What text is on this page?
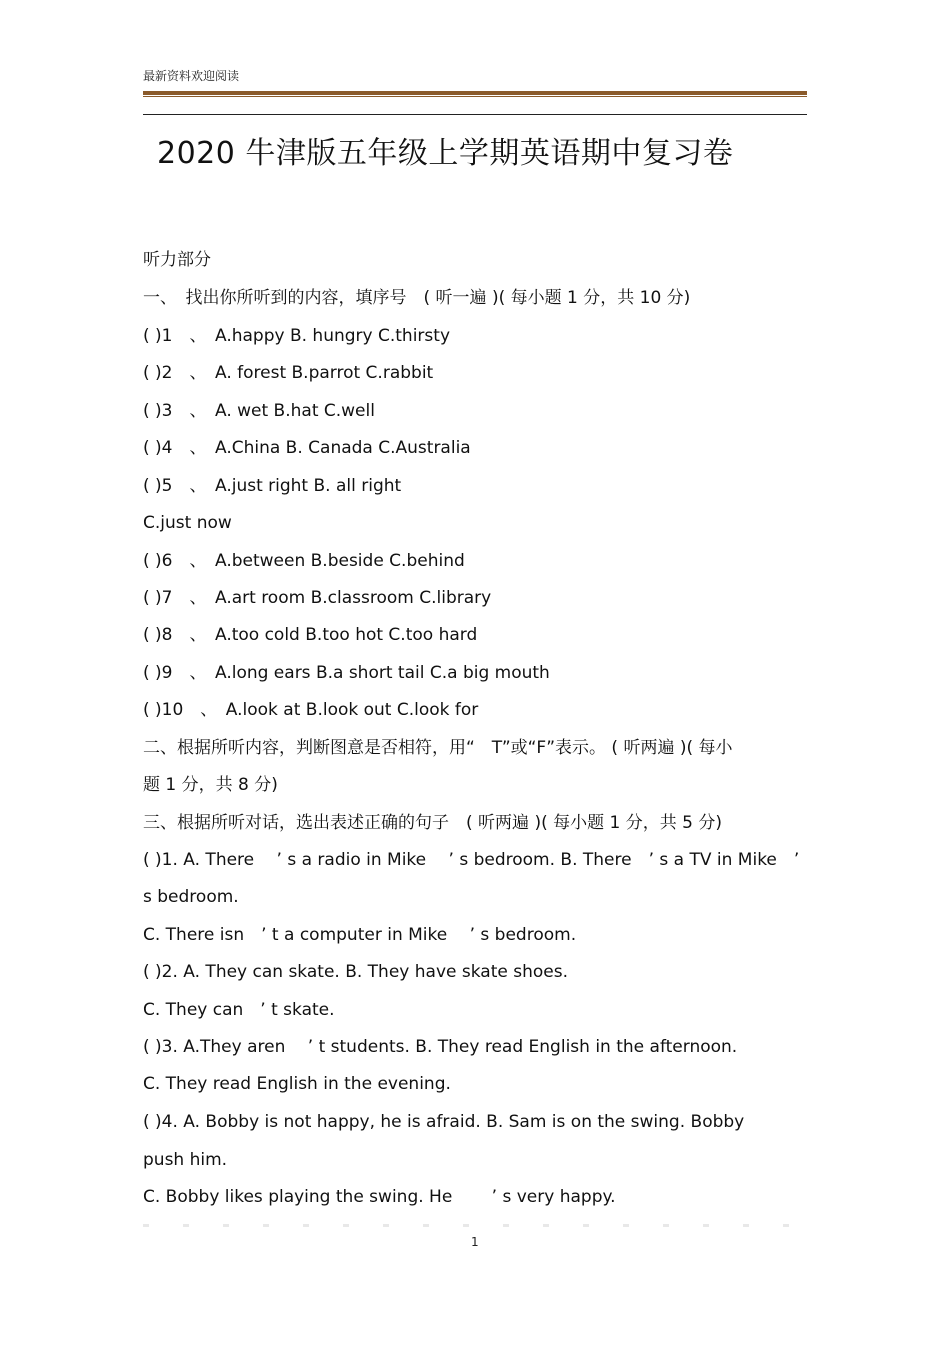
最新资料欢迎阅读
2020 牛津版五年级上学期英语期中复习卷
听力部分
一、　找出你所听到的内容，填序号　( 听一遍 )( 每小题 1 分，共 10 分)
( )1　、　A.happy B. hungry C.thirsty
( )2　、　A. forest B.parrot C.rabbit
( )3　、　A. wet B.hat C.well
( )4　、　A.China B. Canada C.Australia
( )5　、　A.just right B. all right
C.just now
( )6　、　A.between B.beside C.behind
( )7　、　A.art room B.classroom C.library
( )8　、　A.too cold B.too hot C.too hard
( )9　、　A.long ears B.a short tail C.a big mouth
( )10　、　A.look at B.look out C.look for
二、根据所听内容，判断图意是否相符，用“　T”或“F”表示。 ( 听两遍 )( 每小
题 1 分，共 8 分)
三、根据所听对话，选出表述正确的句子　( 听两遍 )( 每小题 1 分，共 5 分)
( )1. A. There　 ’ s a radio in Mike　 ’ s bedroom. B. There　’ s a TV in Mike　’
s bedroom.
C. There isn　’ t a computer in Mike　 ’ s bedroom.
( )2. A. They can skate. B. They have skate shoes.
C. They can　’ t skate.
( )3. A.They aren　 ’ t students. B. They read English in the afternoon.
C. They read English in the evening.
( )4. A. Bobby is not happy, he is afraid. B. Sam is on the swing. Bobby
push him.
C. Bobby likes playing the swing. He　　 ’ s very happy.
1
